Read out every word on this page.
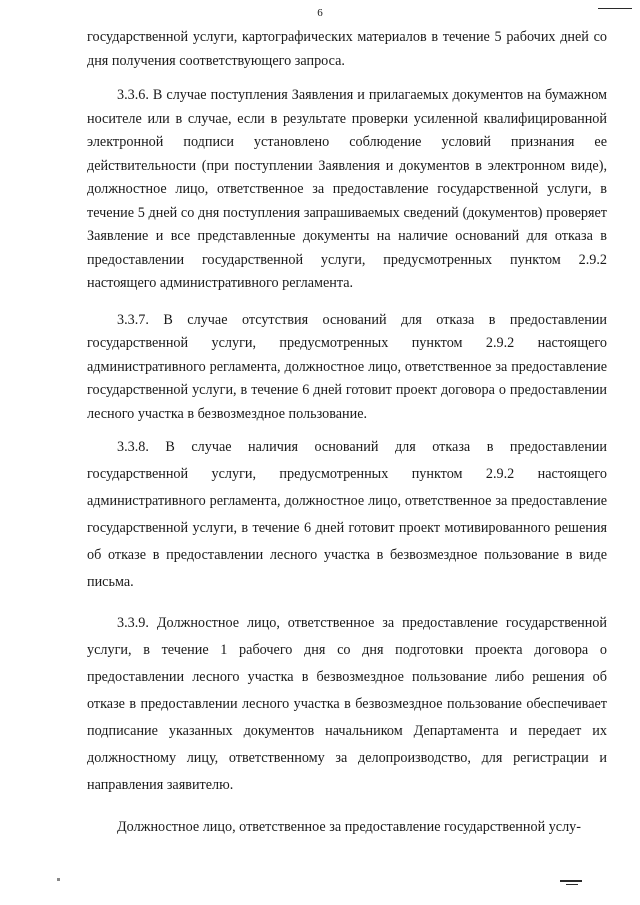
6

государственной услуги, картографических материалов в течение 5 рабочих дней со дня получения соответствующего запроса.

3.3.6. В случае поступления Заявления и прилагаемых документов на бумажном носителе или в случае, если в результате проверки усиленной квалифицированной электронной подписи установлено соблюдение условий признания ее действительности (при поступлении Заявления и документов в электронном виде), должностное лицо, ответственное за предоставление государственной услуги, в течение 5 дней со дня поступления запрашиваемых сведений (документов) проверяет Заявление и все представленные документы на наличие оснований для отказа в предоставлении государственной услуги, предусмотренных пунктом 2.9.2 настоящего административного регламента.

3.3.7. В случае отсутствия оснований для отказа в предоставлении государственной услуги, предусмотренных пунктом 2.9.2 настоящего административного регламента, должностное лицо, ответственное за предоставление государственной услуги, в течение 6 дней готовит проект договора о предоставлении лесного участка в безвозмездное пользование.

3.3.8. В случае наличия оснований для отказа в предоставлении государственной услуги, предусмотренных пунктом 2.9.2 настоящего административного регламента, должностное лицо, ответственное за предоставление государственной услуги, в течение 6 дней готовит проект мотивированного решения об отказе в предоставлении лесного участка в безвозмездное пользование в виде письма.

3.3.9. Должностное лицо, ответственное за предоставление государственной услуги, в течение 1 рабочего дня со дня подготовки проекта договора о предоставлении лесного участка в безвозмездное пользование либо решения об отказе в предоставлении лесного участка в безвозмездное пользование обеспечивает подписание указанных документов начальником Департамента и передает их должностному лицу, ответственному за делопроизводство, для регистрации и направления заявителю.

Должностное лицо, ответственное за предоставление государственной услу-
